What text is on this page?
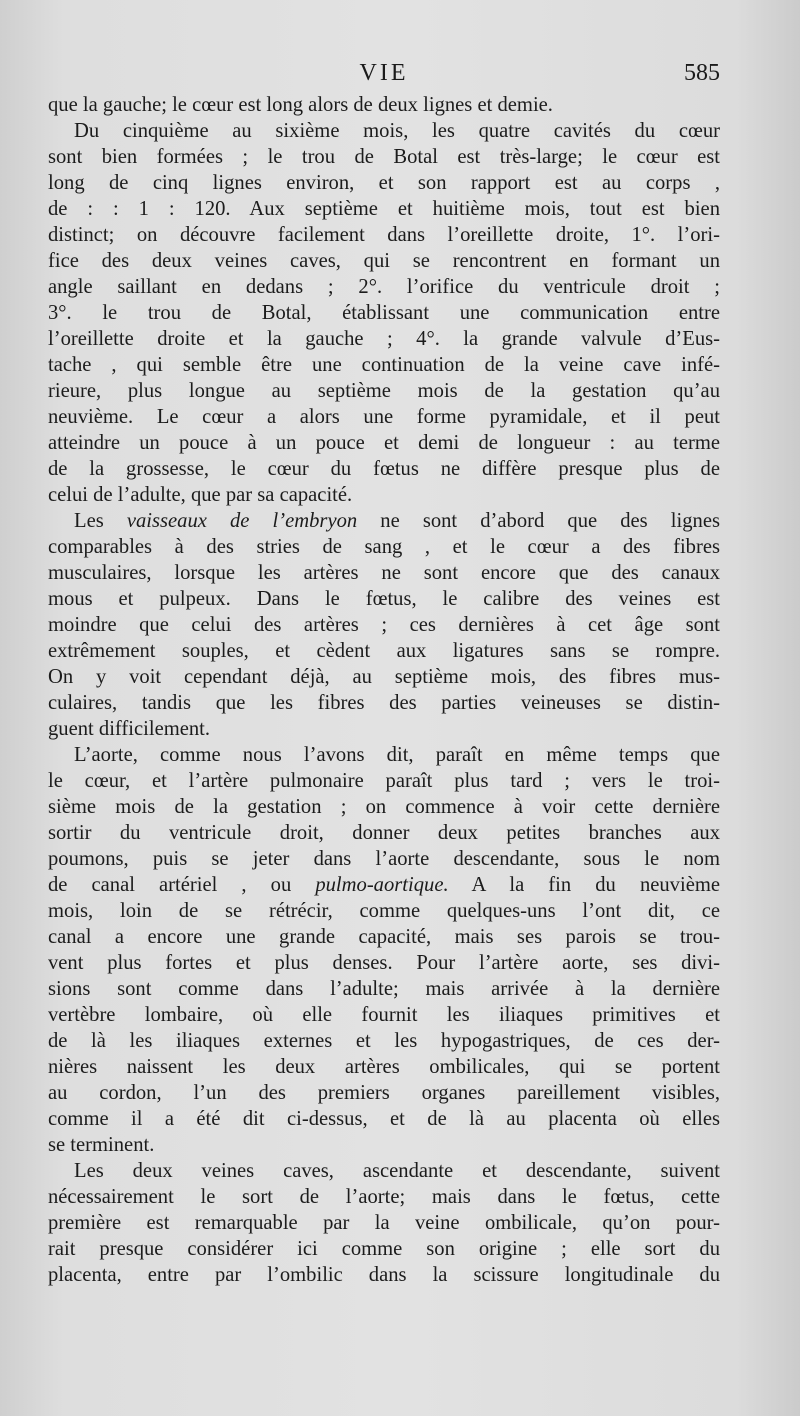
VIE	585
que la gauche; le cœur est long alors de deux lignes et demie.
Du cinquième au sixième mois, les quatre cavités du cœur
sont bien formées ; le trou de Botal est très-large; le cœur est
long de cinq lignes environ, et son rapport est au corps ,
de : : 1 : 120. Aux septième et huitième mois, tout est bien
distinct; on découvre facilement dans l’oreillette droite, 1°. l’ori-
fice des deux veines caves, qui se rencontrent en formant un
angle saillant en dedans ; 2°. l’orifice du ventricule droit ;
3°. le trou de Botal, établissant une communication entre
l’oreillette droite et la gauche ; 4°. la grande valvule d’Eus-
tache , qui semble être une continuation de la veine cave infé-
rieure, plus longue au septième mois de la gestation qu’au
neuvième. Le cœur a alors une forme pyramidale, et il peut
atteindre un pouce à un pouce et demi de longueur : au terme
de la grossesse, le cœur du fœtus ne diffère presque plus de
celui de l’adulte, que par sa capacité.
Les vaisseaux de l’embryon ne sont d’abord que des lignes
comparables à des stries de sang , et le cœur a des fibres
musculaires, lorsque les artères ne sont encore que des canaux
mous et pulpeux. Dans le fœtus, le calibre des veines est
moindre que celui des artères ; ces dernières à cet âge sont
extrêmement souples, et cèdent aux ligatures sans se rompre.
On y voit cependant déjà, au septième mois, des fibres mus-
culaires, tandis que les fibres des parties veineuses se distin-
guent difficilement.
L’aorte, comme nous l’avons dit, paraît en même temps que
le cœur, et l’artère pulmonaire paraît plus tard ; vers le troi-
sième mois de la gestation ; on commence à voir cette dernière
sortir du ventricule droit, donner deux petites branches aux
poumons, puis se jeter dans l’aorte descendante, sous le nom
de canal artériel , ou pulmo-aortique. A la fin du neuvième
mois, loin de se rétrécir, comme quelques-uns l’ont dit, ce
canal a encore une grande capacité, mais ses parois se trou-
vent plus fortes et plus denses. Pour l’artère aorte, ses divi-
sions sont comme dans l’adulte; mais arrivée à la dernière
vertèbre lombaire, où elle fournit les iliaques primitives et
de là les iliaques externes et les hypogastriques, de ces der-
nières naissent les deux artères ombilicales, qui se portent
au cordon, l’un des premiers organes pareillement visibles,
comme il a été dit ci-dessus, et de là au placenta où elles
se terminent.
Les deux veines caves, ascendante et descendante, suivent
nécessairement le sort de l’aorte; mais dans le fœtus, cette
première est remarquable par la veine ombilicale, qu’on pour-
rait presque considérer ici comme son origine ; elle sort du
placenta, entre par l’ombilic dans la scissure longitudinale du
